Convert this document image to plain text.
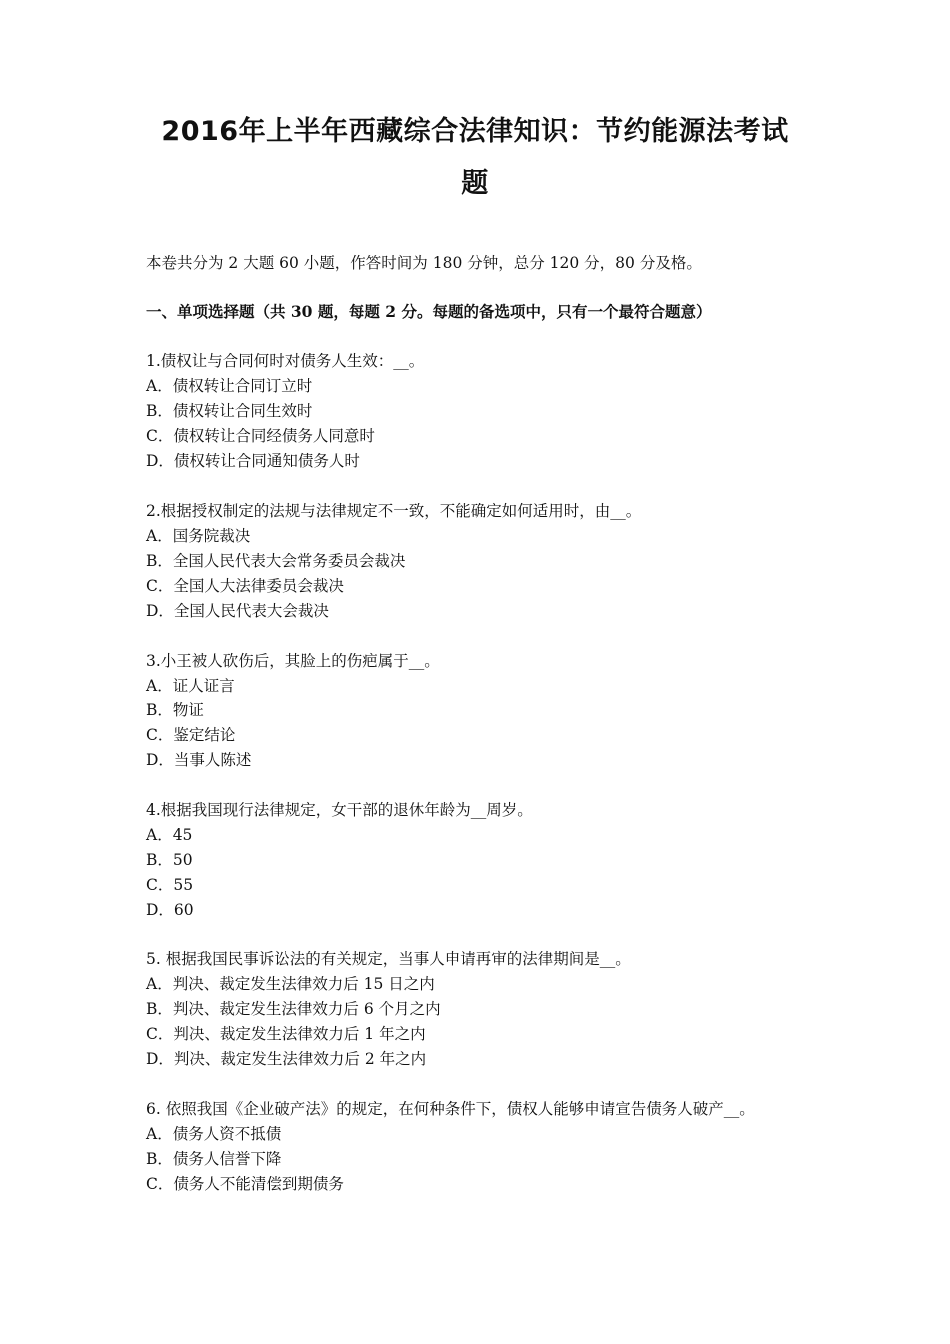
2016年上半年西藏综合法律知识：节约能源法考试
题
本卷共分为 2 大题 60 小题，作答时间为 180 分钟，总分 120 分，80 分及格。
一、单项选择题（共 30 题，每题 2 分。每题的备选项中，只有一个最符合题意）
1.债权让与合同何时对债务人生效：__。
A．债权转让合同订立时
B．债权转让合同生效时
C．债权转让合同经债务人同意时
D．债权转让合同通知债务人时
2.根据授权制定的法规与法律规定不一致，不能确定如何适用时，由__。
A．国务院裁决
B．全国人民代表大会常务委员会裁决
C．全国人大法律委员会裁决
D．全国人民代表大会裁决
3.小王被人砍伤后，其脸上的伤疤属于__。
A．证人证言
B．物证
C．鉴定结论
D．当事人陈述
4.根据我国现行法律规定，女干部的退休年龄为__周岁。
A．45
B．50
C．55
D．60
5. 根据我国民事诉讼法的有关规定，当事人申请再审的法律期间是__。
A．判决、裁定发生法律效力后 15 日之内
B．判决、裁定发生法律效力后 6 个月之内
C．判决、裁定发生法律效力后 1 年之内
D．判决、裁定发生法律效力后 2 年之内
6. 依照我国《企业破产法》的规定，在何种条件下，债权人能够申请宣告债务人破产__。
A．债务人资不抵债
B．债务人信誉下降
C．债务人不能清偿到期债务
